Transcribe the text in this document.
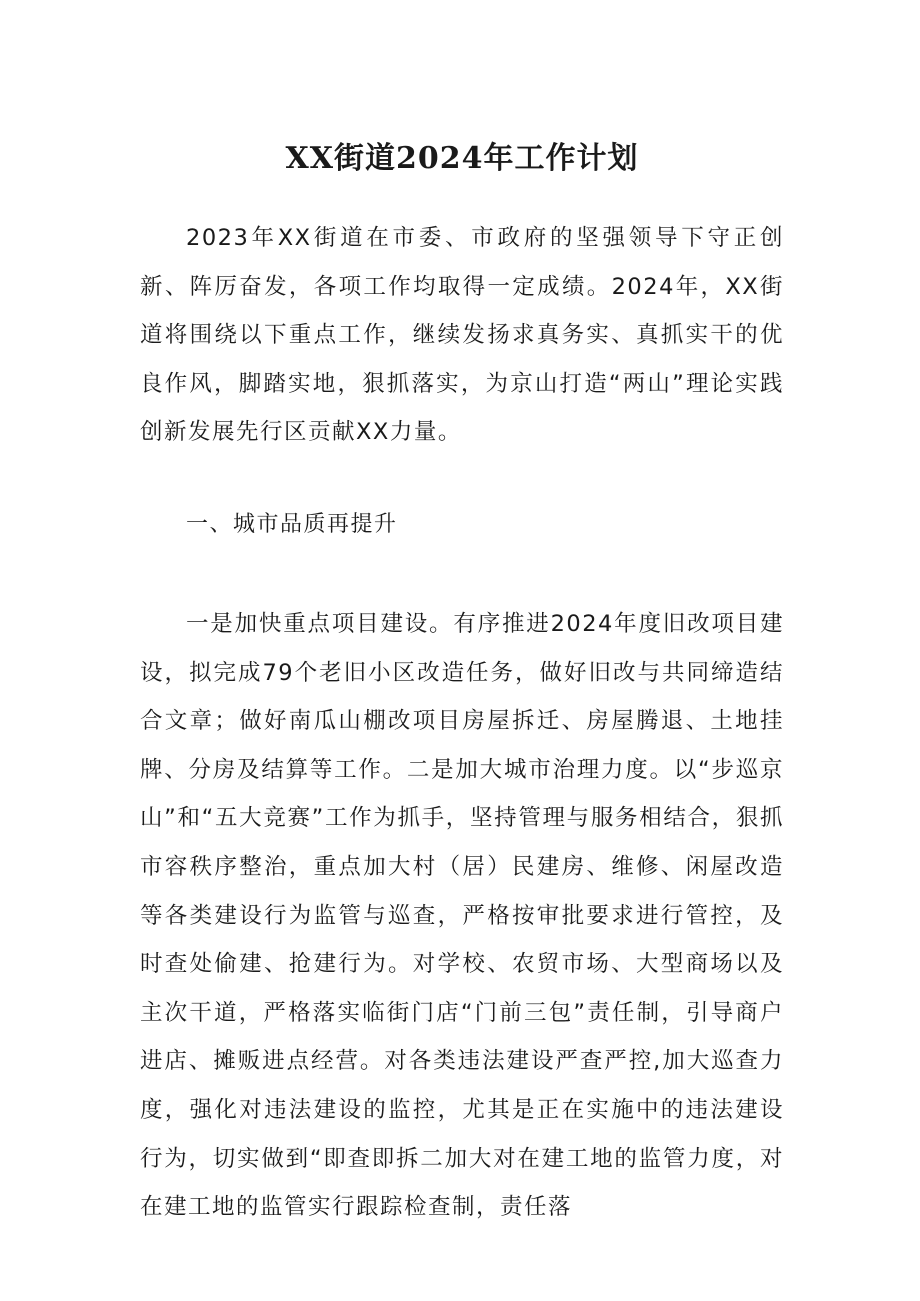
XX街道2024年工作计划

2023年XX街道在市委、市政府的坚强领导下守正创新、阵厉奋发，各项工作均取得一定成绩。2024年，XX街道将围绕以下重点工作，继续发扬求真务实、真抓实干的优良作风，脚踏实地，狠抓落实，为京山打造“两山”理论实践创新发展先行区贡献XX力量。

一、城市品质再提升

一是加快重点项目建设。有序推进2024年度旧改项目建设，拟完成79个老旧小区改造任务，做好旧改与共同缔造结合文章；做好南瓜山棚改项目房屋拆迁、房屋腾退、土地挂牌、分房及结算等工作。二是加大城市治理力度。以“步巡京山”和“五大竞赛”工作为抓手，坚持管理与服务相结合，狠抓市容秩序整治，重点加大村（居）民建房、维修、闲屋改造等各类建设行为监管与巡查，严格按审批要求进行管控，及时查处偷建、抢建行为。对学校、农贸市场、大型商场以及主次干道，严格落实临街门店“门前三包”责任制，引导商户进店、摊贩进点经营。对各类违法建设严查严控,加大巡查力度，强化对违法建设的监控，尤其是正在实施中的违法建设行为，切实做到“即查即拆二加大对在建工地的监管力度，对在建工地的监管实行跟踪检查制，责任落
